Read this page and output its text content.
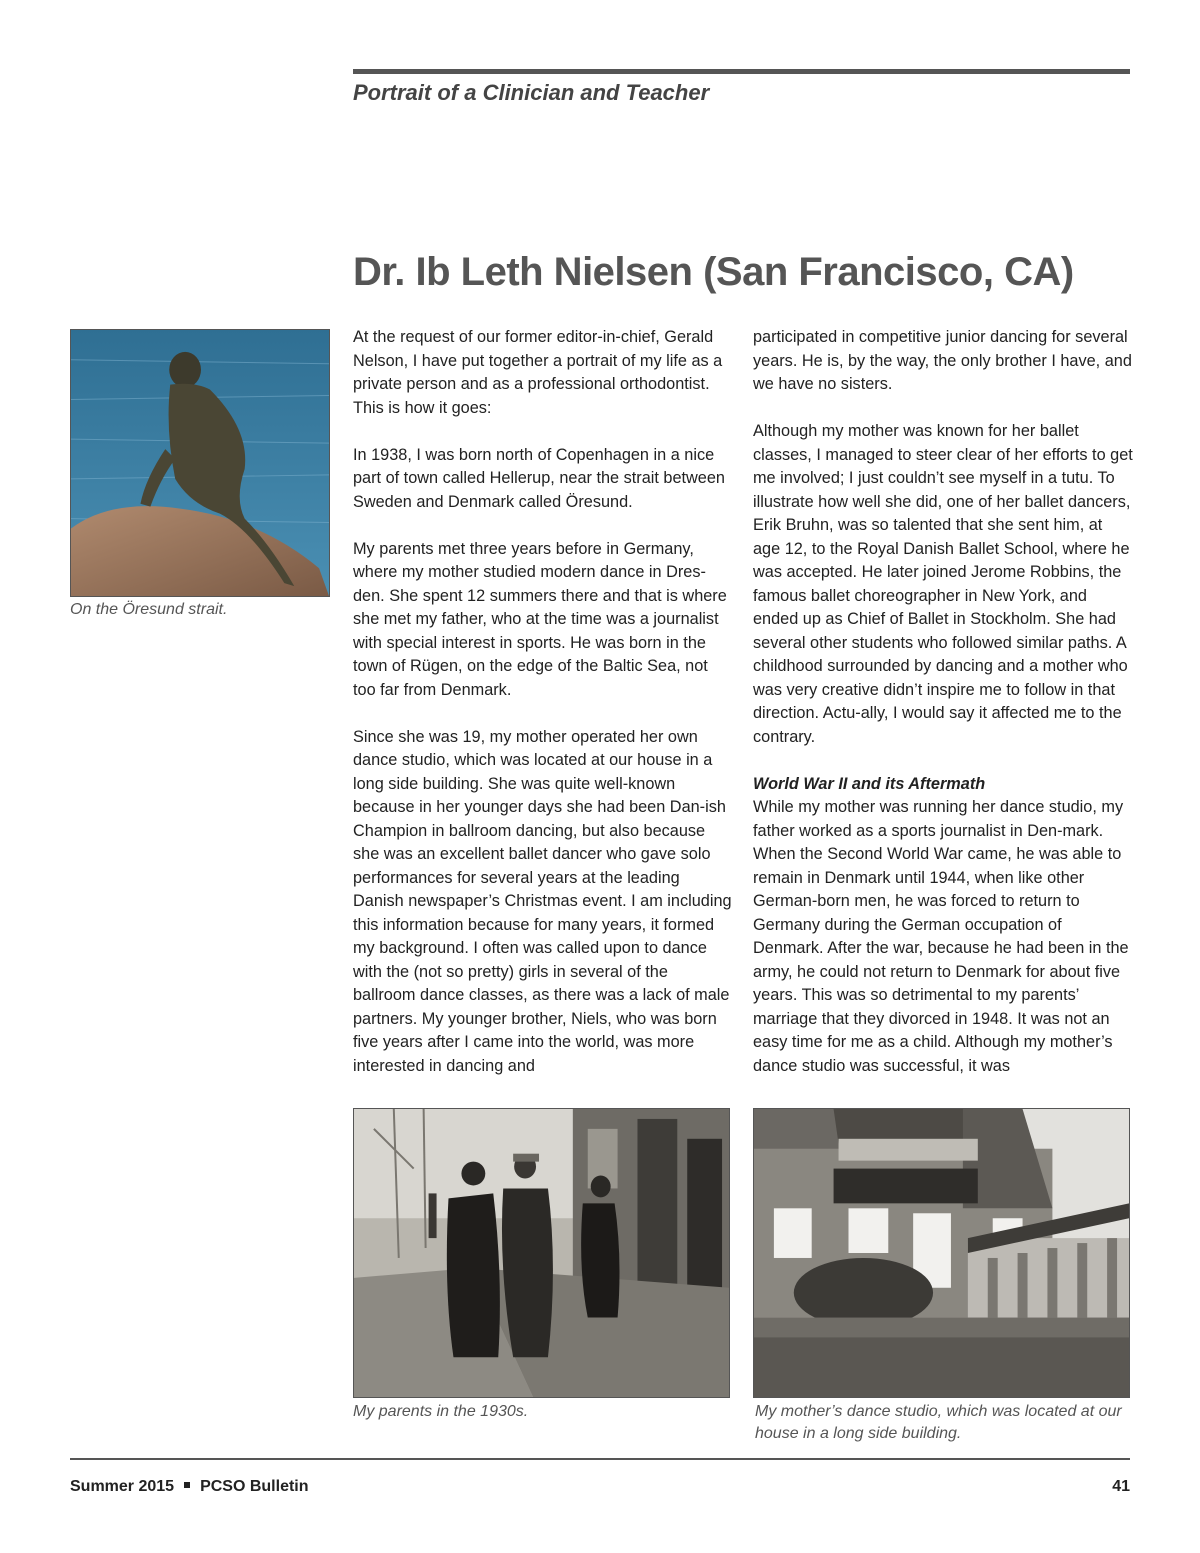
Portrait of a Clinician and Teacher
Dr. Ib Leth Nielsen (San Francisco, CA)
On the Öresund strait.

At the request of our former editor-in-chief, Gerald Nelson, I have put together a portrait of my life as a private person and as a professional orthodontist. This is how it goes:

In 1938, I was born north of Copenhagen in a nice part of town called Hellerup, near the strait between Sweden and Denmark called Öresund.

My parents met three years before in Germany, where my mother studied modern dance in Dres-den. She spent 12 summers there and that is where she met my father, who at the time was a journalist with special interest in sports. He was born in the town of Rügen, on the edge of the Baltic Sea, not too far from Denmark.

Since she was 19, my mother operated her own dance studio, which was located at our house in a long side building. She was quite well-known because in her younger days she had been Dan-ish Champion in ballroom dancing, but also because she was an excellent ballet dancer who gave solo performances for several years at the leading Danish newspaper’s Christmas event. I am including this information because for many years, it formed my background. I often was called upon to dance with the (not so pretty) girls in several of the ballroom dance classes, as there was a lack of male partners. My younger brother, Niels, who was born five years after I came into the world, was more interested in dancing and

participated in competitive junior dancing for several years. He is, by the way, the only brother I have, and we have no sisters.

Although my mother was known for her ballet classes, I managed to steer clear of her efforts to get me involved; I just couldn’t see myself in a tutu. To illustrate how well she did, one of her ballet dancers, Erik Bruhn, was so talented that she sent him, at age 12, to the Royal Danish Ballet School, where he was accepted. He later joined Jerome Robbins, the famous ballet choreographer in New York, and ended up as Chief of Ballet in Stockholm. She had several other students who followed similar paths. A childhood surrounded by dancing and a mother who was very creative didn’t inspire me to follow in that direction. Actu-ally, I would say it affected me to the contrary.

World War II and its Aftermath

While my mother was running her dance studio, my father worked as a sports journalist in Den-mark. When the Second World War came, he was able to remain in Denmark until 1944, when like other German-born men, he was forced to return to Germany during the German occupation of Denmark. After the war, because he had been in the army, he could not return to Denmark for about five years. This was so detrimental to my parents’ marriage that they divorced in 1948. It was not an easy time for me as a child. Although my mother’s dance studio was successful, it was

My parents in the 1930s.	My mother’s dance studio, which was located at our house in a long side building.
Summer 2015 PCSO Bulletin	41
